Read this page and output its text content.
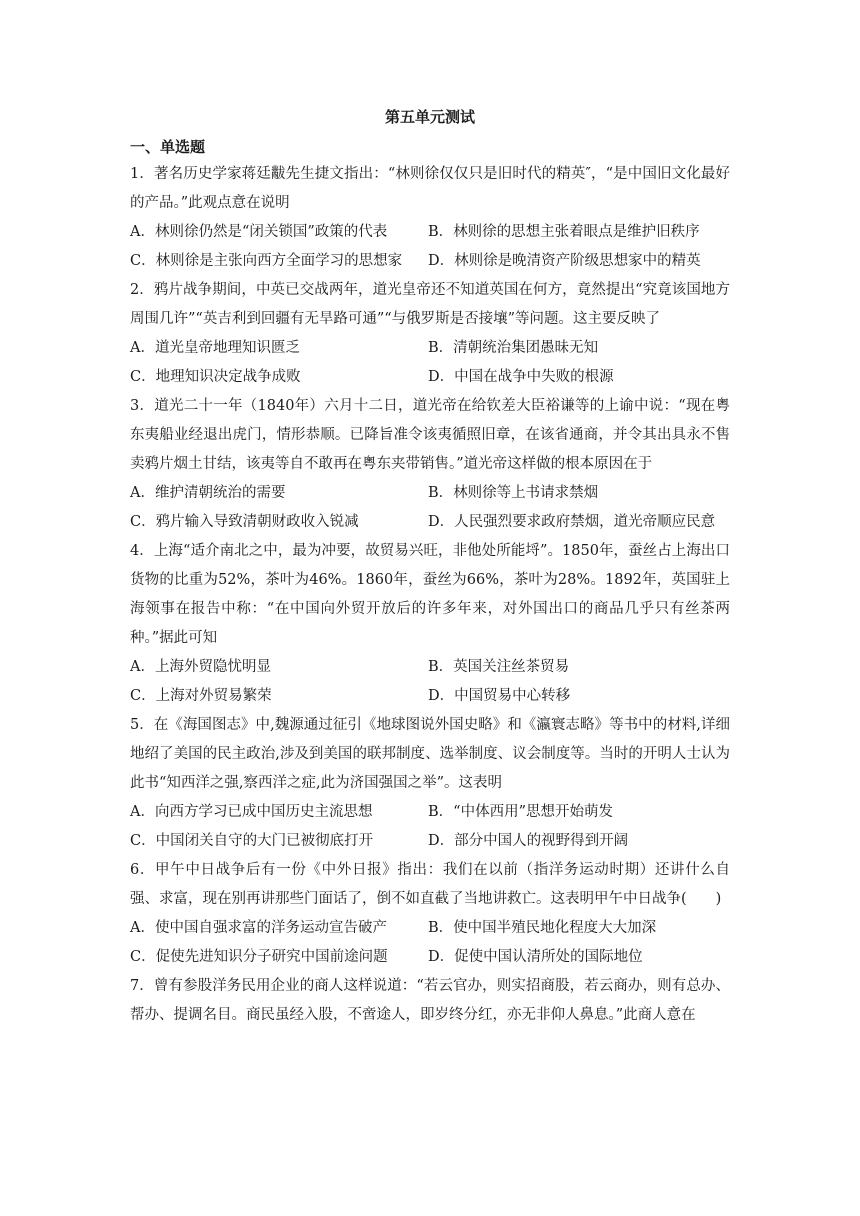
第五单元测试
一、单选题

1．著名历史学家蒋廷黻先生捷文指出：“林则徐仅仅只是旧时代的精英″，“是中国旧文化最好的产品。”此观点意在说明

A．林则徐仍然是“闭关锁国”政策的代表	B．林则徐的思想主张着眼点是维护旧秩序
C．林则徐是主张向西方全面学习的思想家	D．林则徐是晚清资产阶级思想家中的精英

2．鸦片战争期间，中英已交战两年，道光皇帝还不知道英国在何方，竟然提出“究竟该国地方周围几许”“英吉利到回疆有无旱路可通”“与俄罗斯是否接壤”等问题。这主要反映了

A．道光皇帝地理知识匮乏	B．清朝统治集团愚昧无知
C．地理知识决定战争成败	D．中国在战争中失败的根源

3．道光二十一年（1840年）六月十二日，道光帝在给钦差大臣裕谦等的上谕中说：“现在粤东夷船业经退出虎门，情形恭顺。已降旨准令该夷循照旧章，在该省通商，并令其出具永不售卖鸦片烟土甘结，该夷等自不敢再在粤东夹带销售。”道光帝这样做的根本原因在于

A．维护清朝统治的需要	B．林则徐等上书请求禁烟
C．鸦片输入导致清朝财政收入锐减	D．人民强烈要求政府禁烟，道光帝顺应民意

4．上海“适介南北之中，最为冲要，故贸易兴旺，非他处所能埒”。1850年，蚕丝占上海出口货物的比重为52%，茶叶为46%。1860年，蚕丝为66%，茶叶为28%。1892年，英国驻上海领事在报告中称：“在中国向外贸开放后的许多年来，对外国出口的商品几乎只有丝茶两种。”据此可知

A．上海外贸隐忧明显	B．英国关注丝茶贸易
C．上海对外贸易繁荣	D．中国贸易中心转移

5．在《海国图志》中,魏源通过征引《地球图说外国史略》和《瀛寰志略》等书中的材料,详细地绍了美国的民主政治,涉及到美国的联邦制度、选举制度、议会制度等。当时的开明人士认为此书“知西洋之强,察西洋之症,此为济国强国之举”。这表明

A．向西方学习已成中国历史主流思想	B．“中体西用”思想开始萌发
C．中国闭关自守的大门已被彻底打开	D．部分中国人的视野得到开阔

6．甲午中日战争后有一份《中外日报》指出：我们在以前（指洋务运动时期）还讲什么自强、求富，现在别再讲那些门面话了，倒不如直截了当地讲救亡。这表明甲午中日战争(　　)

A．使中国自强求富的洋务运动宣告破产	B．使中国半殖民地化程度大大加深
C．促使先进知识分子研究中国前途问题	D．促使中国认清所处的国际地位

7．曾有参股洋务民用企业的商人这样说道：“若云官办，则实招商股，若云商办，则有总办、帮办、提调名目。商民虽经入股，不啻途人，即岁终分红，亦无非仰人鼻息。”此商人意在
